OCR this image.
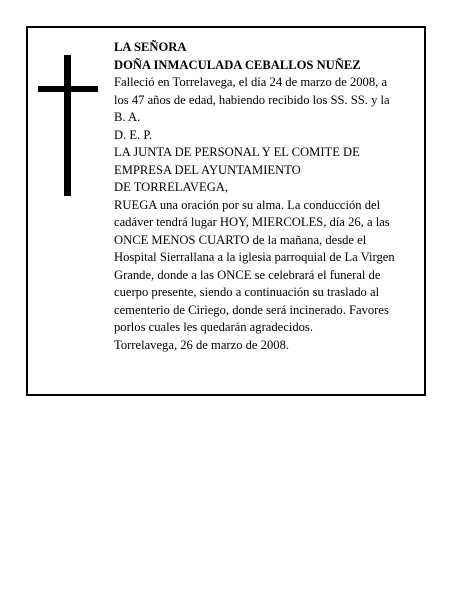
LA SEÑORA
DOÑA INMACULADA CEBALLOS NUÑEZ
Falleció en Torrelavega, el día 24 de marzo de 2008, a
los 47 años de edad, habiendo recibido los SS. SS. y la
B. A.
D. E. P.
LA JUNTA DE PERSONAL Y EL COMITE DE
EMPRESA DEL AYUNTAMIENTO
DE TORRELAVEGA,
RUEGA una oración por su alma. La conducción del
cadáver tendrá lugar HOY, MIERCOLES, día 26, a las
ONCE MENOS CUARTO de la mañana, desde el
Hospital Sierrallana a la iglesia parroquial de La Virgen
Grande, donde a las ONCE se celebrará el funeral de
cuerpo presente, siendo a continuación su traslado al
cementerio de Ciriego, donde será incinerado. Favores
porlos cuales les quedarán agradecidos.
Torrelavega, 26 de marzo de 2008.
